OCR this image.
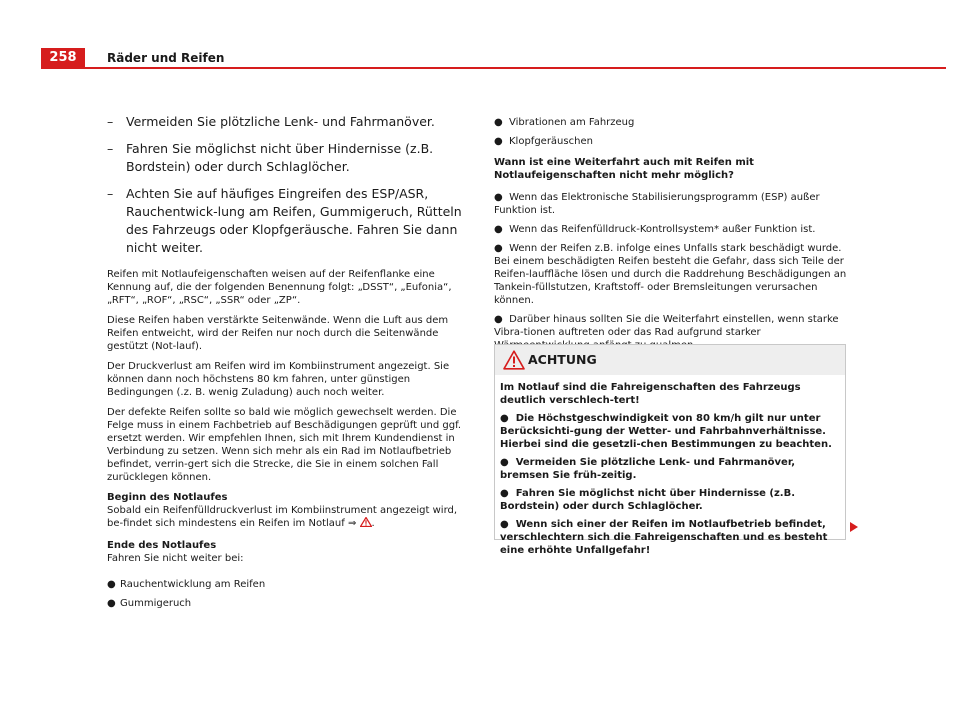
258	Räder und Reifen
– Vermeiden Sie plötzliche Lenk- und Fahrmanöver.
– Fahren Sie möglichst nicht über Hindernisse (z.B. Bordstein) oder durch Schlaglöcher.
– Achten Sie auf häufiges Eingreifen des ESP/ASR, Rauchentwick-lung am Reifen, Gummigeruch, Rütteln des Fahrzeugs oder Klopfgeräusche. Fahren Sie dann nicht weiter.

Reifen mit Notlaufeigenschaften weisen auf der Reifenflanke eine Kennung auf, die der folgenden Benennung folgt: „DSST“, „Eufonia“, „RFT“, „ROF“, „RSC“, „SSR“ oder „ZP“.

Diese Reifen haben verstärkte Seitenwände. Wenn die Luft aus dem Reifen entweicht, wird der Reifen nur noch durch die Seitenwände gestützt (Not-lauf).

Der Druckverlust am Reifen wird im Kombiinstrument angezeigt. Sie können dann noch höchstens 80 km fahren, unter günstigen Bedingungen (.z. B. wenig Zuladung) auch noch weiter.

Der defekte Reifen sollte so bald wie möglich gewechselt werden. Die Felge muss in einem Fachbetrieb auf Beschädigungen geprüft und ggf. ersetzt werden. Wir empfehlen Ihnen, sich mit Ihrem Kundendienst in Verbindung zu setzen. Wenn sich mehr als ein Rad im Notlaufbetrieb befindet, verrin-gert sich die Strecke, die Sie in einem solchen Fall zurücklegen können.

Beginn des Notlaufes
Sobald ein Reifenfülldruckverlust im Kombiinstrument angezeigt wird, be-findet sich mindestens ein Reifen im Notlauf ⇒ .
Ende des Notlaufes
Fahren Sie nicht weiter bei:
● Rauchentwicklung am Reifen
● Gummigeruch
● Vibrationen am Fahrzeug
● Klopfgeräuschen

Wann ist eine Weiterfahrt auch mit Reifen mit Notlaufeigenschaften nicht mehr möglich?

● Wenn das Elektronische Stabilisierungsprogramm (ESP) außer Funktion ist.
● Wenn das Reifenfülldruck-Kontrollsystem* außer Funktion ist.
● Wenn der Reifen z.B. infolge eines Unfalls stark beschädigt wurde. Bei einem beschädigten Reifen besteht die Gefahr, dass sich Teile der Reifen-lauffläche lösen und durch die Raddrehung Beschädigungen an Tankein-füllstutzen, Kraftstoff- oder Bremsleitungen verursachen können.
● Darüber hinaus sollten Sie die Weiterfahrt einstellen, wenn starke Vibra-tionen auftreten oder das Rad aufgrund starker
ACHTUNG

Im Notlauf sind die Fahreigenschaften des Fahrzeugs deutlich verschlech-tert!

● Die Höchstgeschwindigkeit von 80 km/h gilt nur unter Berücksichti-gung der Wetter- und Fahrbahnverhältnisse. Hierbei sind die gesetzli-chen Bestimmungen zu beachten.

● Vermeiden Sie plötzliche Lenk- und Fahrmanöver, bremsen Sie früh-zeitig.

● Fahren Sie möglichst nicht über Hindernisse (z.B. Bordstein) oder durch Schlaglöcher.

● Wenn sich einer der Reifen im Notlaufbetrieb befindet, verschlechtern sich die Fahreigenschaften und es besteht eine erhöhte Unfallgefahr!
